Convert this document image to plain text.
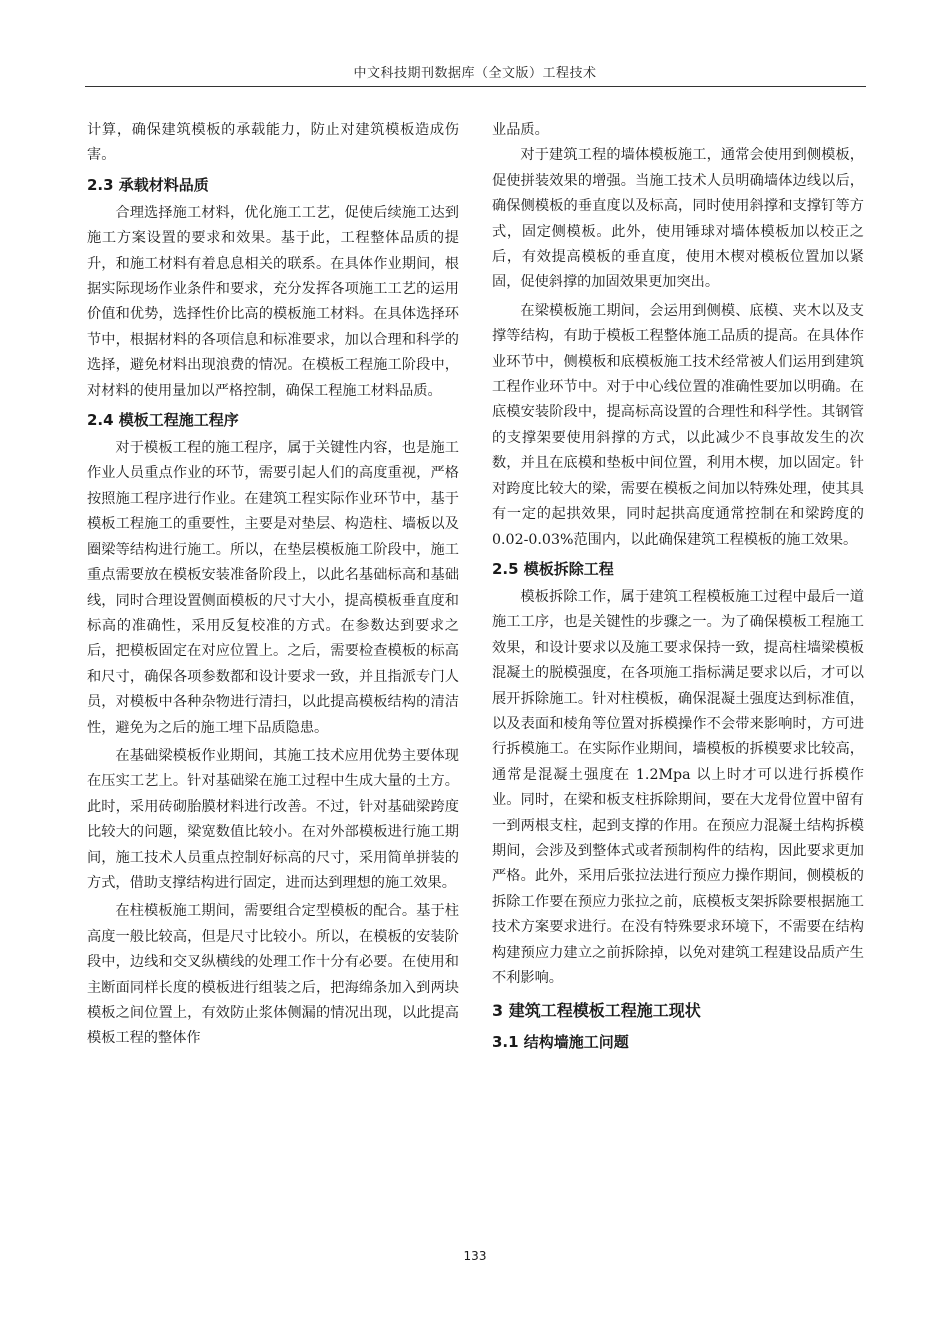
中文科技期刊数据库（全文版）工程技术

计算，确保建筑模板的承载能力，防止对建筑模板造成伤害。

2.3 承载材料品质

合理选择施工材料，优化施工工艺，促使后续施工达到施工方案设置的要求和效果。基于此，工程整体品质的提升，和施工材料有着息息相关的联系。在具体作业期间，根据实际现场作业条件和要求，充分发挥各项施工工艺的运用价值和优势，选择性价比高的模板施工材料。在具体选择环节中，根据材料的各项信息和标准要求，加以合理和科学的选择，避免材料出现浪费的情况。在模板工程施工阶段中，对材料的使用量加以严格控制，确保工程施工材料品质。

2.4 模板工程施工程序

对于模板工程的施工程序，属于关键性内容，也是施工作业人员重点作业的环节，需要引起人们的高度重视，严格按照施工程序进行作业。在建筑工程实际作业环节中，基于模板工程施工的重要性，主要是对垫层、构造柱、墙板以及圈梁等结构进行施工。所以，在垫层模板施工阶段中，施工重点需要放在模板安装准备阶段上，以此名基础标高和基础线，同时合理设置侧面模板的尺寸大小，提高模板垂直度和标高的准确性，采用反复校准的方式。在参数达到要求之后，把模板固定在对应位置上。之后，需要检查模板的标高和尺寸，确保各项参数都和设计要求一致，并且指派专门人员，对模板中各种杂物进行清扫，以此提高模板结构的清洁性，避免为之后的施工埋下品质隐患。

在基础梁模板作业期间，其施工技术应用优势主要体现在压实工艺上。针对基础梁在施工过程中生成大量的土方。此时，采用砖砌胎膜材料进行改善。不过，针对基础梁跨度比较大的问题，梁宽数值比较小。在对外部模板进行施工期间，施工技术人员重点控制好标高的尺寸，采用简单拼装的方式，借助支撑结构进行固定，进而达到理想的施工效果。

在柱模板施工期间，需要组合定型模板的配合。基于柱高度一般比较高，但是尺寸比较小。所以，在模板的安装阶段中，边线和交叉纵横线的处理工作十分有必要。在使用和主断面同样长度的模板进行组装之后，把海绵条加入到两块模板之间位置上，有效防止浆体侧漏的情况出现，以此提高模板工程的整体作

业品质。

对于建筑工程的墙体模板施工，通常会使用到侧模板，促使拼装效果的增强。当施工技术人员明确墙体边线以后，确保侧模板的垂直度以及标高，同时使用斜撑和支撑钉等方式，固定侧模板。此外，使用锤球对墙体模板加以校正之后，有效提高模板的垂直度，使用木楔对模板位置加以紧固，促使斜撑的加固效果更加突出。

在梁模板施工期间，会运用到侧模、底模、夹木以及支撑等结构，有助于模板工程整体施工品质的提高。在具体作业环节中，侧模板和底模板施工技术经常被人们运用到建筑工程作业环节中。对于中心线位置的准确性要加以明确。在底模安装阶段中，提高标高设置的合理性和科学性。其钢管的支撑架要使用斜撑的方式，以此减少不良事故发生的次数，并且在底模和垫板中间位置，利用木楔，加以固定。针对跨度比较大的梁，需要在模板之间加以特殊处理，使其具有一定的起拱效果，同时起拱高度通常控制在和梁跨度的 0.02-0.03%范围内，以此确保建筑工程模板的施工效果。

2.5 模板拆除工程

模板拆除工作，属于建筑工程模板施工过程中最后一道施工工序，也是关键性的步骤之一。为了确保模板工程施工效果，和设计要求以及施工要求保持一致，提高柱墙梁模板混凝土的脱模强度，在各项施工指标满足要求以后，才可以展开拆除施工。针对柱模板，确保混凝土强度达到标准值，以及表面和棱角等位置对拆模操作不会带来影响时，方可进行拆模施工。在实际作业期间，墙模板的拆模要求比较高，通常是混凝土强度在 1.2Mpa 以上时才可以进行拆模作业。同时，在梁和板支柱拆除期间，要在大龙骨位置中留有一到两根支柱，起到支撑的作用。在预应力混凝土结构拆模期间，会涉及到整体式或者预制构件的结构，因此要求更加严格。此外，采用后张拉法进行预应力操作期间，侧模板的拆除工作要在预应力张拉之前，底模板支架拆除要根据施工技术方案要求进行。在没有特殊要求环境下，不需要在结构构建预应力建立之前拆除掉，以免对建筑工程建设品质产生不利影响。

3 建筑工程模板工程施工现状
3.1 结构墙施工问题
133
